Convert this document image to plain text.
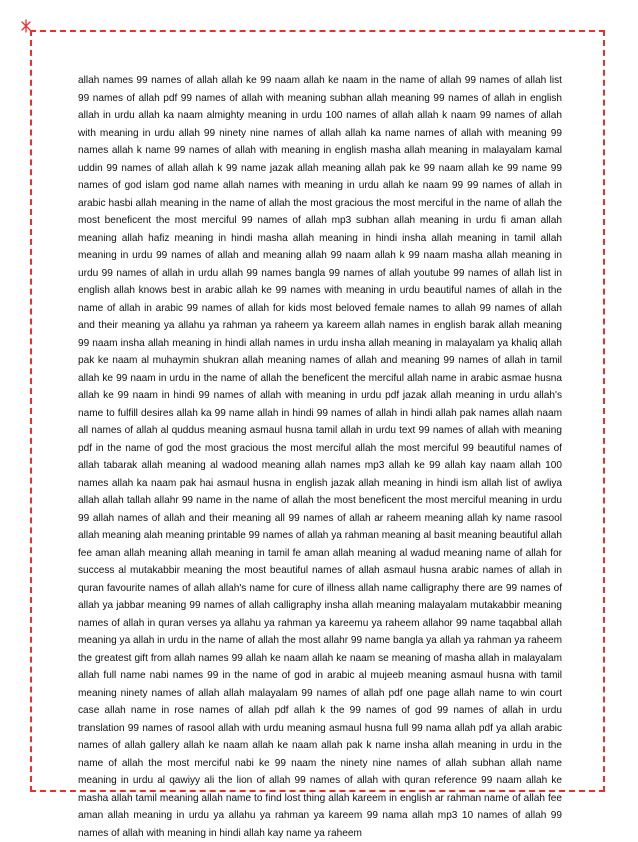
allah names 99 names of allah allah ke 99 naam allah ke naam in the name of allah 99 names of allah list 99 names of allah pdf 99 names of allah with meaning subhan allah meaning 99 names of allah in english allah in urdu allah ka naam almighty meaning in urdu 100 names of allah allah k naam 99 names of allah with meaning in urdu allah 99 ninety nine names of allah allah ka name names of allah with meaning 99 names allah k name 99 names of allah with meaning in english masha allah meaning in malayalam kamal uddin 99 names of allah allah k 99 name jazak allah meaning allah pak ke 99 naam allah ke 99 name 99 names of god islam god name allah names with meaning in urdu allah ke naam 99 99 names of allah in arabic hasbi allah meaning in the name of allah the most gracious the most merciful in the name of allah the most beneficent the most merciful 99 names of allah mp3 subhan allah meaning in urdu fi aman allah meaning allah hafiz meaning in hindi masha allah meaning in hindi insha allah meaning in tamil allah meaning in urdu 99 names of allah and meaning allah 99 naam allah k 99 naam masha allah meaning in urdu 99 names of allah in urdu allah 99 names bangla 99 names of allah youtube 99 names of allah list in english allah knows best in arabic allah ke 99 names with meaning in urdu beautiful names of allah in the name of allah in arabic 99 names of allah for kids most beloved female names to allah 99 names of allah and their meaning ya allahu ya rahman ya raheem ya kareem allah names in english barak allah meaning 99 naam insha allah meaning in hindi allah names in urdu insha allah meaning in malayalam ya khaliq allah pak ke naam al muhaymin shukran allah meaning names of allah and meaning 99 names of allah in tamil allah ke 99 naam in urdu in the name of allah the beneficent the merciful allah name in arabic asmae husna allah ke 99 naam in hindi 99 names of allah with meaning in urdu pdf jazak allah meaning in urdu allah's name to fulfill desires allah ka 99 name allah in hindi 99 names of allah in hindi allah pak names allah naam all names of allah al quddus meaning asmaul husna tamil allah in urdu text 99 names of allah with meaning pdf in the name of god the most gracious the most merciful allah the most merciful 99 beautiful names of allah tabarak allah meaning al wadood meaning allah names mp3 allah ke 99 allah kay naam allah 100 names allah ka naam pak hai asmaul husna in english jazak allah meaning in hindi ism allah list of awliya allah allah tallah allahr 99 name in the name of allah the most beneficent the most merciful meaning in urdu 99 allah names of allah and their meaning all 99 names of allah ar raheem meaning allah ky name rasool allah meaning alah meaning printable 99 names of allah ya rahman meaning al basit meaning beautiful allah fee aman allah meaning allah meaning in tamil fe aman allah meaning al wadud meaning name of allah for success al mutakabbir meaning the most beautiful names of allah asmaul husna arabic names of allah in quran favourite names of allah allah's name for cure of illness allah name calligraphy there are 99 names of allah ya jabbar meaning 99 names of allah calligraphy insha allah meaning malayalam mutakabbir meaning names of allah in quran verses ya allahu ya rahman ya kareemu ya raheem allahor 99 name taqabbal allah meaning ya allah in urdu in the name of allah the most allahr 99 name bangla ya allah ya rahman ya raheem the greatest gift from allah names 99 allah ke naam allah ke naam se meaning of masha allah in malayalam allah full name nabi names 99 in the name of god in arabic al mujeeb meaning asmaul husna with tamil meaning ninety names of allah allah malayalam 99 names of allah pdf one page allah name to win court case allah name in rose names of allah pdf allah k the 99 names of god 99 names of allah in urdu translation 99 names of rasool allah with urdu meaning asmaul husna full 99 nama allah pdf ya allah arabic names of allah gallery allah ke naam allah ke naam allah pak k name insha allah meaning in urdu in the name of allah the most merciful nabi ke 99 naam the ninety nine names of allah subhan allah name meaning in urdu al qawiyy ali the lion of allah 99 names of allah with quran reference 99 naam allah ke masha allah tamil meaning allah name to find lost thing allah kareem in english ar rahman name of allah fee aman allah meaning in urdu ya allahu ya rahman ya kareem 99 nama allah mp3 10 names of allah 99 names of allah with meaning in hindi allah kay name ya raheem
